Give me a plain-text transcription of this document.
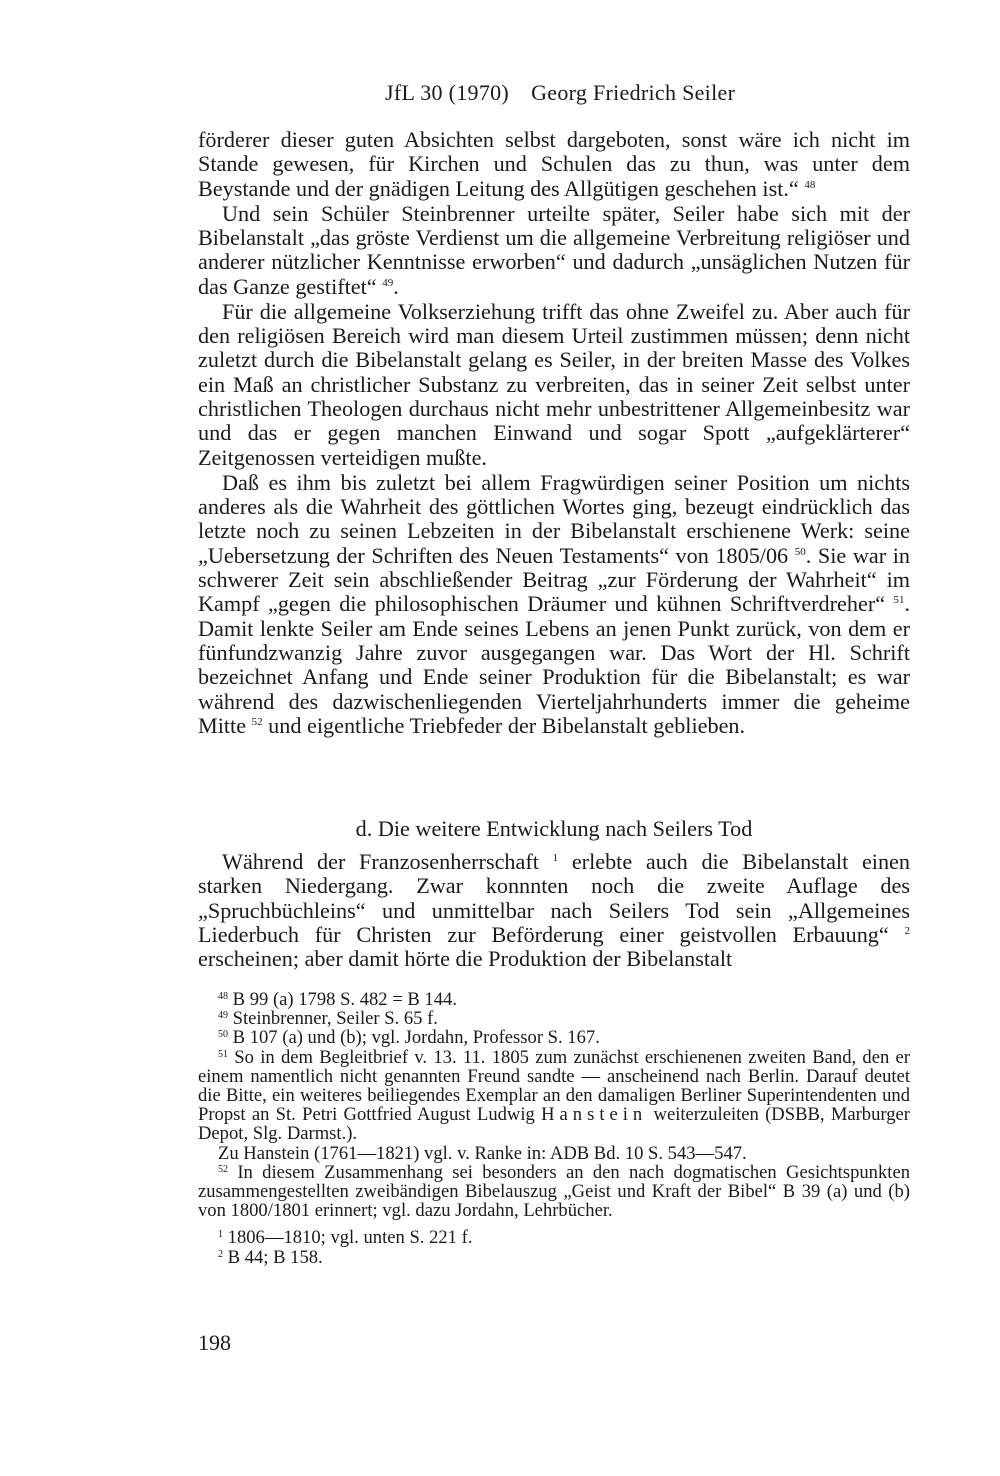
JfL 30 (1970) Georg Friedrich Seiler

förderer dieser guten Absichten selbst dargeboten, sonst wäre ich nicht im Stande gewesen, für Kirchen und Schulen das zu thun, was unter dem Beystande und der gnädigen Leitung des Allgütigen geschehen ist.“ $^{48}$

Und sein Schüler Steinbrenner urteilte später, Seiler habe sich mit der Bibelanstalt „das gröste Verdienst um die allgemeine Verbreitung religiöser und anderer nützlicher Kenntnisse erworben“ und dadurch „unsäglichen Nutzen für das Ganze gestiftet“ $^{49}$.

Für die allgemeine Volkserziehung trifft das ohne Zweifel zu. Aber auch für den religiösen Bereich wird man diesem Urteil zustimmen müssen; denn nicht zuletzt durch die Bibelanstalt gelang es Seiler, in der breiten Masse des Volkes ein Maß an christlicher Substanz zu verbreiten, das in seiner Zeit selbst unter christlichen Theologen durchaus nicht mehr unbestrittener Allgemeinbesitz war und das er gegen manchen Einwand und sogar Spott „aufgeklärterer“ Zeitgenossen verteidigen mußte.

Daß es ihm bis zuletzt bei allem Fragwürdigen seiner Position um nichts anderes als die Wahrheit des göttlichen Wortes ging, bezeugt eindrücklich das letzte noch zu seinen Lebzeiten in der Bibelanstalt erschienene Werk: seine „Uebersetzung der Schriften des Neuen Testaments“ von 1805/06 $^{50}$. Sie war in schwerer Zeit sein abschließender Beitrag „zur Förderung der Wahrheit“ im Kampf „gegen die philosophischen Dräumer und kühnen Schriftverdreher“ $^{51}$. Damit lenkte Seiler am Ende seines Lebens an jenen Punkt zurück, von dem er fünfundzwanzig Jahre zuvor ausgegangen war. Das Wort der Hl. Schrift bezeichnet Anfang und Ende seiner Produktion für die Bibelanstalt; es war während des dazwischenliegenden Vierteljahrhunderts immer die geheime Mitte $^{52}$ und eigentliche Triebfeder der Bibelanstalt geblieben.

d. Die weitere Entwicklung nach Seilers Tod

Während der Franzosenherrschaft $^1$ erlebte auch die Bibelanstalt einen starken Niedergang. Zwar konnnten noch die zweite Auflage des „Spruchbüchleins“ und unmittelbar nach Seilers Tod sein „Allgemeines Liederbuch für Christen zur Beförderung einer geistvollen Erbauung“ $^2$ erscheinen; aber damit hörte die Produktion der Bibelanstalt

$^{48}$ B 99 (a) 1798 S. 482 = B 144.

$^{49}$ Steinbrenner, Seiler S. 65 f.

$^{50}$ B 107 (a) und (b); vgl. Jordahn, Professor S. 167.

$^{51}$ So in dem Begleitbrief v. 13. 11. 1805 zum zunächst erschienenen zweiten Band, den er einem namentlich nicht genannten Freund sandte — anscheinend nach Berlin. Darauf deutet die Bitte, ein weiteres beiliegendes Exemplar an den damaligen Berliner Superintendenten und Propst an St. Petri Gottfried August Ludwig Hanstein weiterzuleiten (DSBB, Marburger Depot, Slg. Darmst.).

Zu Hanstein (1761—1821) vgl. v. Ranke in: ADB Bd. 10 S. 543—547.

$^{52}$ In diesem Zusammenhang sei besonders an den nach dogmatischen Gesichtspunkten zusammengestellten zweibändigen Bibelauszug „Geist und Kraft der Bibel“ B 39 (a) und (b) von 1800/1801 erinnert; vgl. dazu Jordahn, Lehrbücher.

$^1$ 1806—1810; vgl. unten S. 221 f.

$^2$ B 44; B 158.

198
